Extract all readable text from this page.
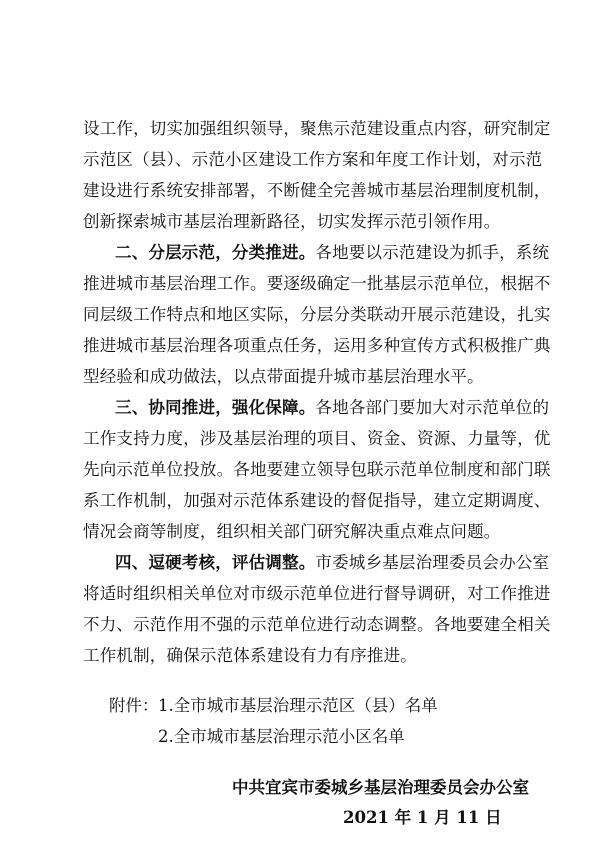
设工作，切实加强组织领导，聚焦示范建设重点内容，研究制定
示范区（县）、示范小区建设工作方案和年度工作计划，对示范
建设进行系统安排部署，不断健全完善城市基层治理制度机制，
创新探索城市基层治理新路径，切实发挥示范引领作用。
二、分层示范，分类推进。各地要以示范建设为抓手，系统
推进城市基层治理工作。要逐级确定一批基层示范单位，根据不
同层级工作特点和地区实际，分层分类联动开展示范建设，扎实
推进城市基层治理各项重点任务，运用多种宣传方式积极推广典
型经验和成功做法，以点带面提升城市基层治理水平。
三、协同推进，强化保障。各地各部门要加大对示范单位的
工作支持力度，涉及基层治理的项目、资金、资源、力量等，优
先向示范单位投放。各地要建立领导包联示范单位制度和部门联
系工作机制，加强对示范体系建设的督促指导，建立定期调度、
情况会商等制度，组织相关部门研究解决重点难点问题。
四、逗硬考核，评估调整。市委城乡基层治理委员会办公室
将适时组织相关单位对市级示范单位进行督导调研，对工作推进
不力、示范作用不强的示范单位进行动态调整。各地要建全相关
工作机制，确保示范体系建设有力有序推进。
附件： 1.全市城市基层治理示范区（县）名单
2.全市城市基层治理示范小区名单
中共宜宾市委城乡基层治理委员会办公室
2021 年 1 月 11 日
